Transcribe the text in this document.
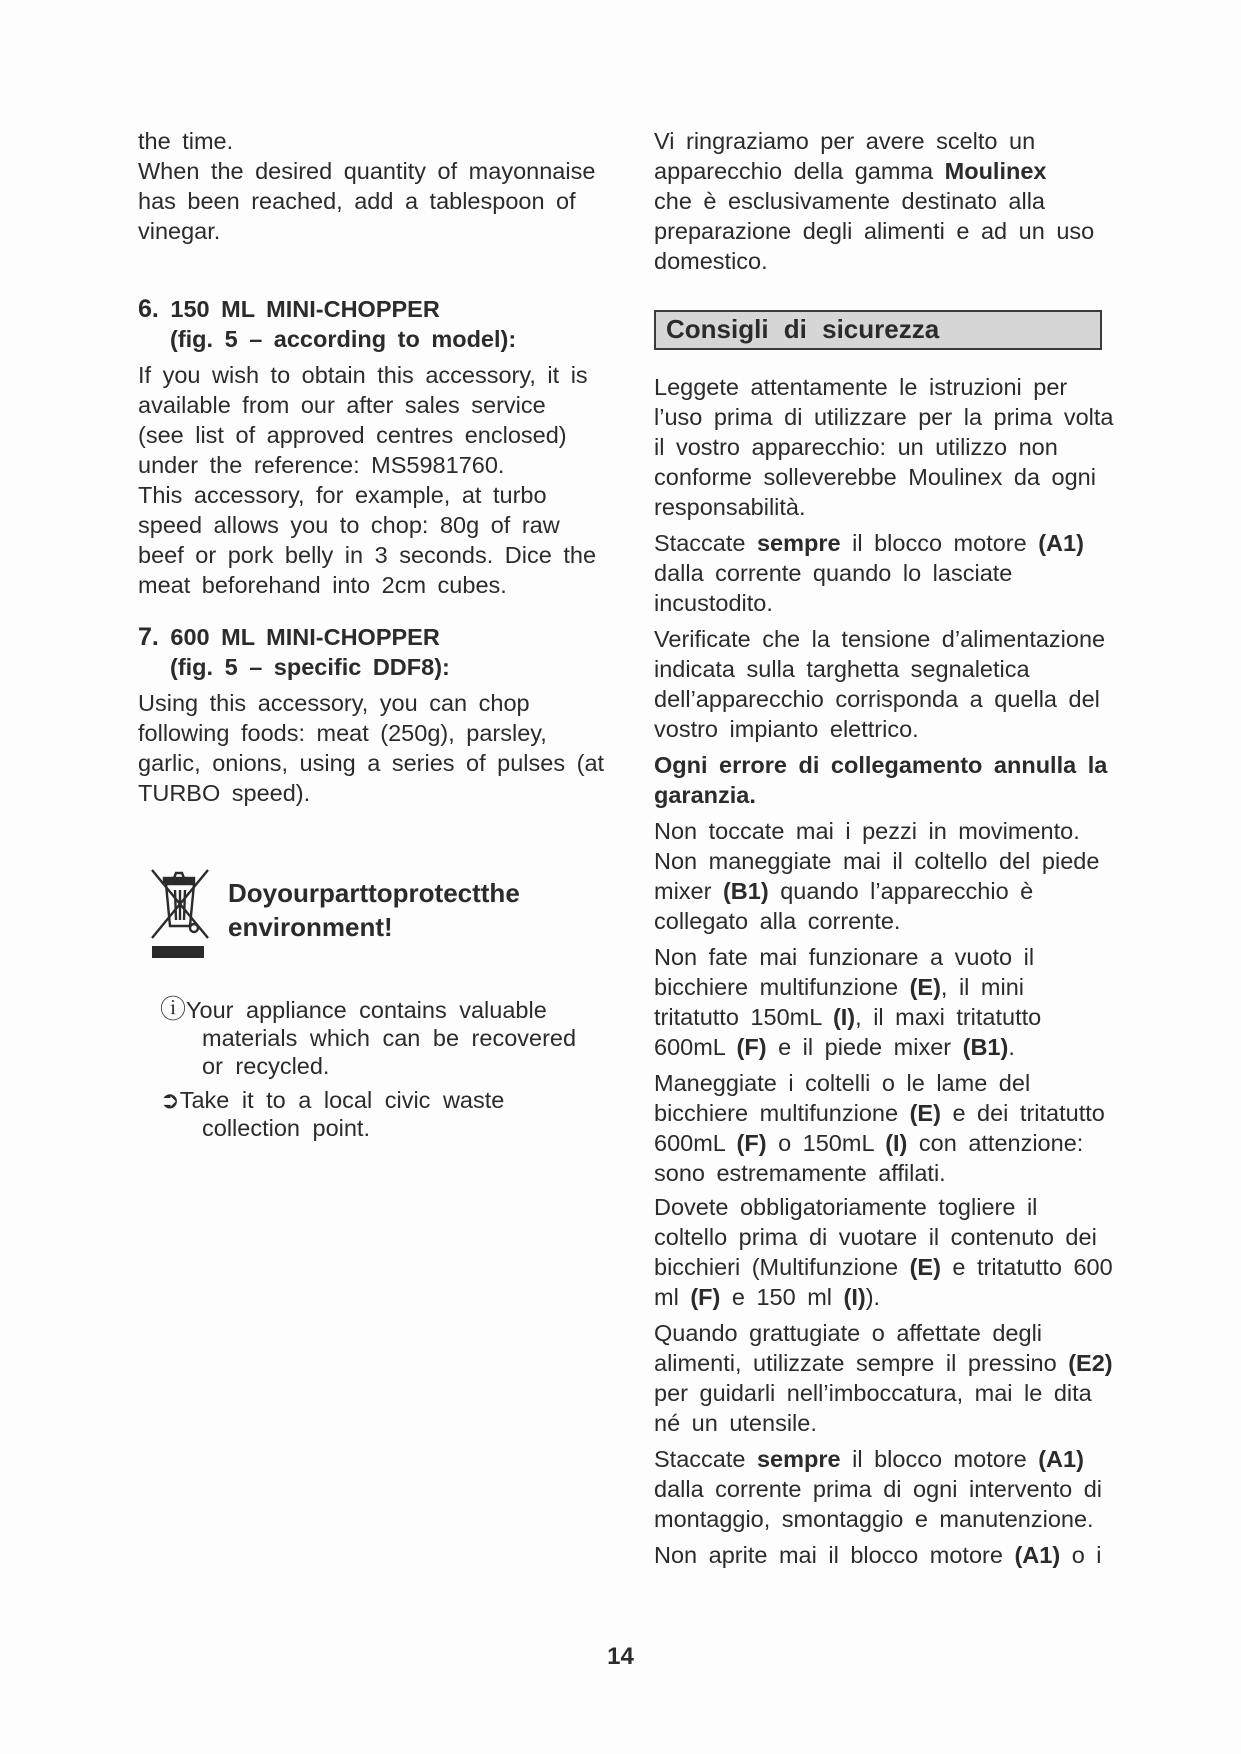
the time.
When the desired quantity of mayonnaise
has been reached, add a tablespoon of
vinegar.
6. 150 ML MINI-CHOPPER
(fig. 5 – according to model):
If you wish to obtain this accessory, it is
available from our after sales service
(see list of approved centres enclosed)
under the reference: MS5981760.
This accessory, for example, at turbo
speed allows you to chop: 80g of raw
beef or pork belly in 3 seconds. Dice the
meat beforehand into 2cm cubes.
7. 600 ML MINI-CHOPPER
(fig. 5 – specific DDF8):
Using this accessory, you can chop
following foods: meat (250g), parsley,
garlic, onions, using a series of pulses (at
TURBO speed).
Doyourparttoprotectthe
environment!
ⓘYour appliance contains valuable
materials which can be recovered
or recycled.
➲Take it to a local civic waste
collection point.
Vi ringraziamo per avere scelto un
apparecchio della gamma Moulinex
che è esclusivamente destinato alla
preparazione degli alimenti e ad un uso
domestico.
Leggete attentamente le istruzioni per
l’uso prima di utilizzare per la prima volta
il vostro apparecchio: un utilizzo non
conforme solleverebbe Moulinex da ogni
responsabilità.
Staccate sempre il blocco motore (A1)
dalla corrente quando lo lasciate
incustodito.
Verificate che la tensione d’alimentazione
indicata sulla targhetta segnaletica
dell’apparecchio corrisponda a quella del
vostro impianto elettrico.
Ogni errore di collegamento annulla la
garanzia.
Non toccate mai i pezzi in movimento.
Non maneggiate mai il coltello del piede
mixer (B1) quando l’apparecchio è
collegato alla corrente.
Non fate mai funzionare a vuoto il
bicchiere multifunzione (E), il mini
tritatutto 150mL (I), il maxi tritatutto
600mL (F) e il piede mixer (B1).
Maneggiate i coltelli o le lame del
bicchiere multifunzione (E) e dei tritatutto
600mL (F) o 150mL (I) con attenzione:
sono estremamente affilati.
Dovete obbligatoriamente togliere il
coltello prima di vuotare il contenuto dei
bicchieri (Multifunzione (E) e tritatutto 600
ml (F) e 150 ml (I)).
Quando grattugiate o affettate degli
alimenti, utilizzate sempre il pressino (E2)
per guidarli nell’imboccatura, mai le dita
né un utensile.
Staccate sempre il blocco motore (A1)
dalla corrente prima di ogni intervento di
montaggio, smontaggio e manutenzione.
Non aprite mai il blocco motore (A1) o i
Consigli di sicurezza
14
